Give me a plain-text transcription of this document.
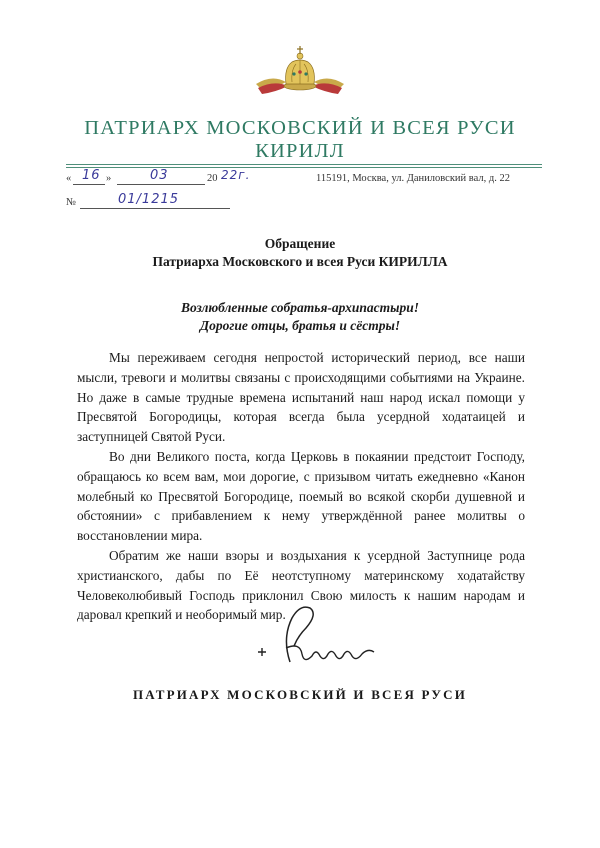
ПАТРИАРХ МОСКОВСКИЙ И ВСЕЯ РУСИ
КИРИЛЛ
« 16 »	03	20 22г.	115191, Москва, ул. Даниловский вал, д. 22
№	01/1215
Обращение
Патриарха Московского и всея Руси КИРИЛЛА
Возлюбленные собратья-архипастыри!
Дорогие отцы, братья и сёстры!

Мы переживаем сегодня непростой исторический период, все наши мысли, тревоги и молитвы связаны с происходящими событиями на Украине. Но даже в самые трудные времена испытаний наш народ искал помощи у Пресвятой Богородицы, которая всегда была усердной ходатаицей и заступницей Святой Руси.

Во дни Великого поста, когда Церковь в покаянии предстоит Господу, обращаюсь ко всем вам, мои дорогие, с призывом читать ежедневно «Канон молебный ко Пресвятой Богородице, поемый во всякой скорби душевной и обстоянии» с прибавлением к нему утверждённой ранее молитвы о восстановлении мира.

Обратим же наши взоры и воздыхания к усердной Заступнице рода христианского, дабы по Её неотступному материнскому ходатайству Человеколюбивый Господь приклонил Свою милость к нашим народам и даровал крепкий и необоримый мир.

ПАТРИАРХ МОСКОВСКИЙ И ВСЕЯ РУСИ
